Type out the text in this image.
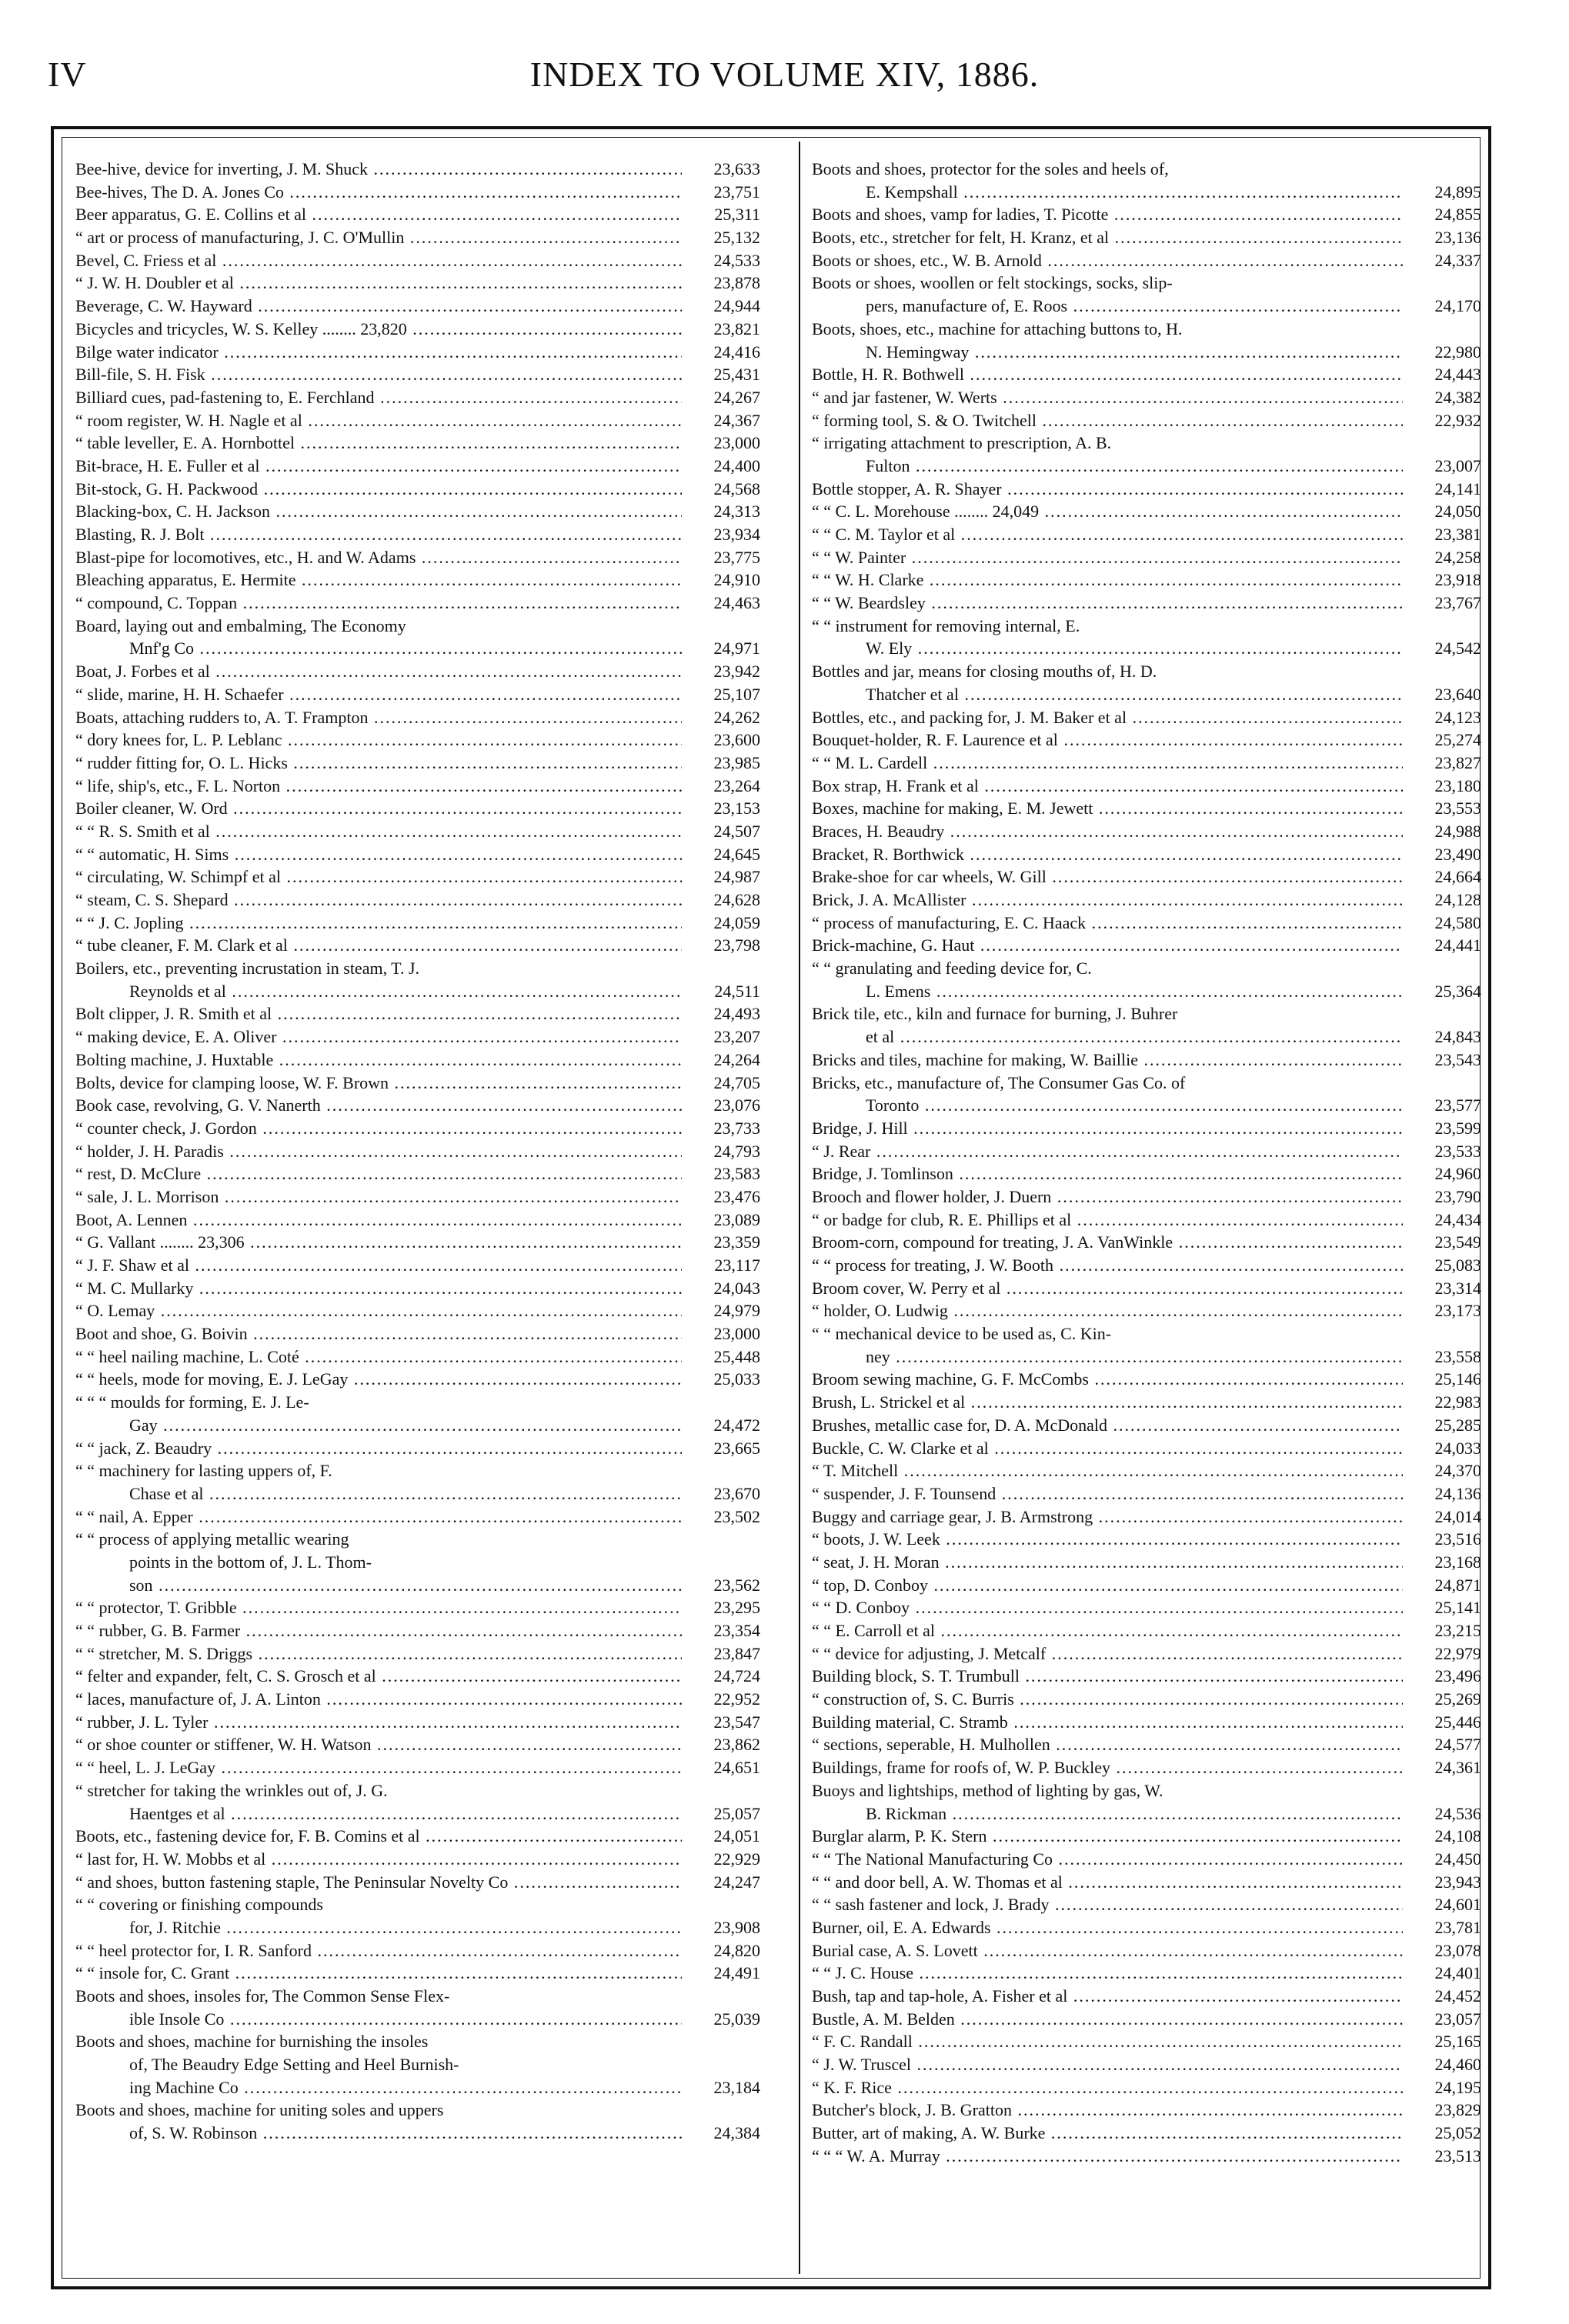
IV	INDEX TO VOLUME XIV, 1886.
Bee-hive, device for inverting, J. M. Shuck .....	23,633
Bee-hives, The D. A. Jones Co .....	23,751
Beer apparatus, G. E. Collins et al .....	25,311
“ art or process of manufacturing, J. C. O'Mullin .....	25,132
Bevel, C. Friess et al .....	24,533
“ J. W. H. Doubler et al .....	23,878
Beverage, C. W. Hayward .....	24,944
Bicycles and tricycles, W. S. Kelley ........ 23,820 .....	23,821
Bilge water indicator .....	24,416
Bill-file, S. H. Fisk .....	25,431
Billiard cues, pad-fastening to, E. Ferchland .....	24,267
“ room register, W. H. Nagle et al .....	24,367
“ table leveller, E. A. Hornbottel .....	23,000
Bit-brace, H. E. Fuller et al .....	24,400
Bit-stock, G. H. Packwood .....	24,568
Blacking-box, C. H. Jackson .....	24,313
Blasting, R. J. Bolt .....	23,934
Blast-pipe for locomotives, etc., H. and W. Adams .....	23,775
Bleaching apparatus, E. Hermite .....	24,910
“ compound, C. Toppan .....	24,463
Board, laying out and embalming, The Economy
Mnf'g Co .....	24,971
Boat, J. Forbes et al .....	23,942
“ slide, marine, H. H. Schaefer .....	25,107
Boats, attaching rudders to, A. T. Frampton .....	24,262
“ dory knees for, L. P. Leblanc .....	23,600
“ rudder fitting for, O. L. Hicks .....	23,985
“ life, ship's, etc., F. L. Norton .....	23,264
Boiler cleaner, W. Ord .....	23,153
“ “ R. S. Smith et al .....	24,507
“ “ automatic, H. Sims .....	24,645
“ circulating, W. Schimpf et al .....	24,987
“ steam, C. S. Shepard .....	24,628
“ “ J. C. Jopling .....	24,059
“ tube cleaner, F. M. Clark et al .....	23,798
Boilers, etc., preventing incrustation in steam, T. J.
Reynolds et al .....	24,511
Bolt clipper, J. R. Smith et al .....	24,493
“ making device, E. A. Oliver .....	23,207
Bolting machine, J. Huxtable .....	24,264
Bolts, device for clamping loose, W. F. Brown .....	24,705
Book case, revolving, G. V. Nanerth .....	23,076
“ counter check, J. Gordon .....	23,733
“ holder, J. H. Paradis .....	24,793
“ rest, D. McClure .....	23,583
“ sale, J. L. Morrison .....	23,476
Boot, A. Lennen .....	23,089
“ G. Vallant ........ 23,306 .....	23,359
“ J. F. Shaw et al .....	23,117
“ M. C. Mullarky .....	24,043
“ O. Lemay .....	24,979
Boot and shoe, G. Boivin .....	23,000
“ “ heel nailing machine, L. Coté .....	25,448
“ “ heels, mode for moving, E. J. LeGay .....	25,033
“ “ “ moulds for forming, E. J. Le-
Gay .....	24,472
“ “ jack, Z. Beaudry .....	23,665
“ “ machinery for lasting uppers of, F.
Chase et al .....	23,670
“ “ nail, A. Epper .....	23,502
“ “ process of applying metallic wearing
points in the bottom of, J. L. Thom-
son .....	23,562
“ “ protector, T. Gribble .....	23,295
“ “ rubber, G. B. Farmer .....	23,354
“ “ stretcher, M. S. Driggs .....	23,847
“ felter and expander, felt, C. S. Grosch et al .....	24,724
“ laces, manufacture of, J. A. Linton .....	22,952
“ rubber, J. L. Tyler .....	23,547
“ or shoe counter or stiffener, W. H. Watson .....	23,862
“ “ heel, L. J. LeGay .....	24,651
“ stretcher for taking the wrinkles out of, J. G.
Haentges et al .....	25,057
Boots, etc., fastening device for, F. B. Comins et al .....	24,051
“ last for, H. W. Mobbs et al .....	22,929
“ and shoes, button fastening staple, The Peninsular Novelty Co .....	24,247
“ “ covering or finishing compounds
for, J. Ritchie .....	23,908
“ “ heel protector for, I. R. Sanford .....	24,820
“ “ insole for, C. Grant .....	24,491
Boots and shoes, insoles for, The Common Sense Flex-
ible Insole Co .....	25,039
Boots and shoes, machine for burnishing the insoles
of, The Beaudry Edge Setting and Heel Burnish-
ing Machine Co .....	23,184
Boots and shoes, machine for uniting soles and uppers
of, S. W. Robinson .....	24,384
Boots and shoes, protector for the soles and heels of,
E. Kempshall .....	24,895
Boots and shoes, vamp for ladies, T. Picotte .....	24,855
Boots, etc., stretcher for felt, H. Kranz, et al .....	23,136
Boots or shoes, etc., W. B. Arnold .....	24,337
Boots or shoes, woollen or felt stockings, socks, slip-
pers, manufacture of, E. Roos .....	24,170
Boots, shoes, etc., machine for attaching buttons to, H.
N. Hemingway .....	22,980
Bottle, H. R. Bothwell .....	24,443
“ and jar fastener, W. Werts .....	24,382
“ forming tool, S. & O. Twitchell .....	22,932
“ irrigating attachment to prescription, A. B.
Fulton .....	23,007
Bottle stopper, A. R. Shayer .....	24,141
“ “ C. L. Morehouse ........ 24,049 .....	24,050
“ “ C. M. Taylor et al .....	23,381
“ “ W. Painter .....	24,258
“ “ W. H. Clarke .....	23,918
“ “ W. Beardsley .....	23,767
“ “ instrument for removing internal, E.
W. Ely .....	24,542
Bottles and jar, means for closing mouths of, H. D.
Thatcher et al .....	23,640
Bottles, etc., and packing for, J. M. Baker et al .....	24,123
Bouquet-holder, R. F. Laurence et al .....	25,274
“ “ M. L. Cardell .....	23,827
Box strap, H. Frank et al .....	23,180
Boxes, machine for making, E. M. Jewett .....	23,553
Braces, H. Beaudry .....	24,988
Bracket, R. Borthwick .....	23,490
Brake-shoe for car wheels, W. Gill .....	24,664
Brick, J. A. McAllister .....	24,128
“ process of manufacturing, E. C. Haack .....	24,580
Brick-machine, G. Haut .....	24,441
“ “ granulating and feeding device for, C.
L. Emens .....	25,364
Brick tile, etc., kiln and furnace for burning, J. Buhrer
et al .....	24,843
Bricks and tiles, machine for making, W. Baillie .....	23,543
Bricks, etc., manufacture of, The Consumer Gas Co. of
Toronto .....	23,577
Bridge, J. Hill .....	23,599
“ J. Rear .....	23,533
Bridge, J. Tomlinson .....	24,960
Brooch and flower holder, J. Duern .....	23,790
“ or badge for club, R. E. Phillips et al .....	24,434
Broom-corn, compound for treating, J. A. VanWinkle .....	23,549
“ “ process for treating, J. W. Booth .....	25,083
Broom cover, W. Perry et al .....	23,314
“ holder, O. Ludwig .....	23,173
“ “ mechanical device to be used as, C. Kin-
ney .....	23,558
Broom sewing machine, G. F. McCombs .....	25,146
Brush, L. Strickel et al .....	22,983
Brushes, metallic case for, D. A. McDonald .....	25,285
Buckle, C. W. Clarke et al .....	24,033
“ T. Mitchell .....	24,370
“ suspender, J. F. Tounsend .....	24,136
Buggy and carriage gear, J. B. Armstrong .....	24,014
“ boots, J. W. Leek .....	23,516
“ seat, J. H. Moran .....	23,168
“ top, D. Conboy .....	24,871
“ “ D. Conboy .....	25,141
“ “ E. Carroll et al .....	23,215
“ “ device for adjusting, J. Metcalf .....	22,979
Building block, S. T. Trumbull .....	23,496
“ construction of, S. C. Burris .....	25,269
Building material, C. Stramb .....	25,446
“ sections, seperable, H. Mulhollen .....	24,577
Buildings, frame for roofs of, W. P. Buckley .....	24,361
Buoys and lightships, method of lighting by gas, W.
B. Rickman .....	24,536
Burglar alarm, P. K. Stern .....	24,108
“ “ The National Manufacturing Co .....	24,450
“ “ and door bell, A. W. Thomas et al .....	23,943
“ “ sash fastener and lock, J. Brady .....	24,601
Burner, oil, E. A. Edwards .....	23,781
Burial case, A. S. Lovett .....	23,078
“ “ J. C. House .....	24,401
Bush, tap and tap-hole, A. Fisher et al .....	24,452
Bustle, A. M. Belden .....	23,057
“ F. C. Randall .....	25,165
“ J. W. Truscel .....	24,460
“ K. F. Rice .....	24,195
Butcher's block, J. B. Gratton .....	23,829
Butter, art of making, A. W. Burke .....	25,052
“ “ “ W. A. Murray .....	23,513
